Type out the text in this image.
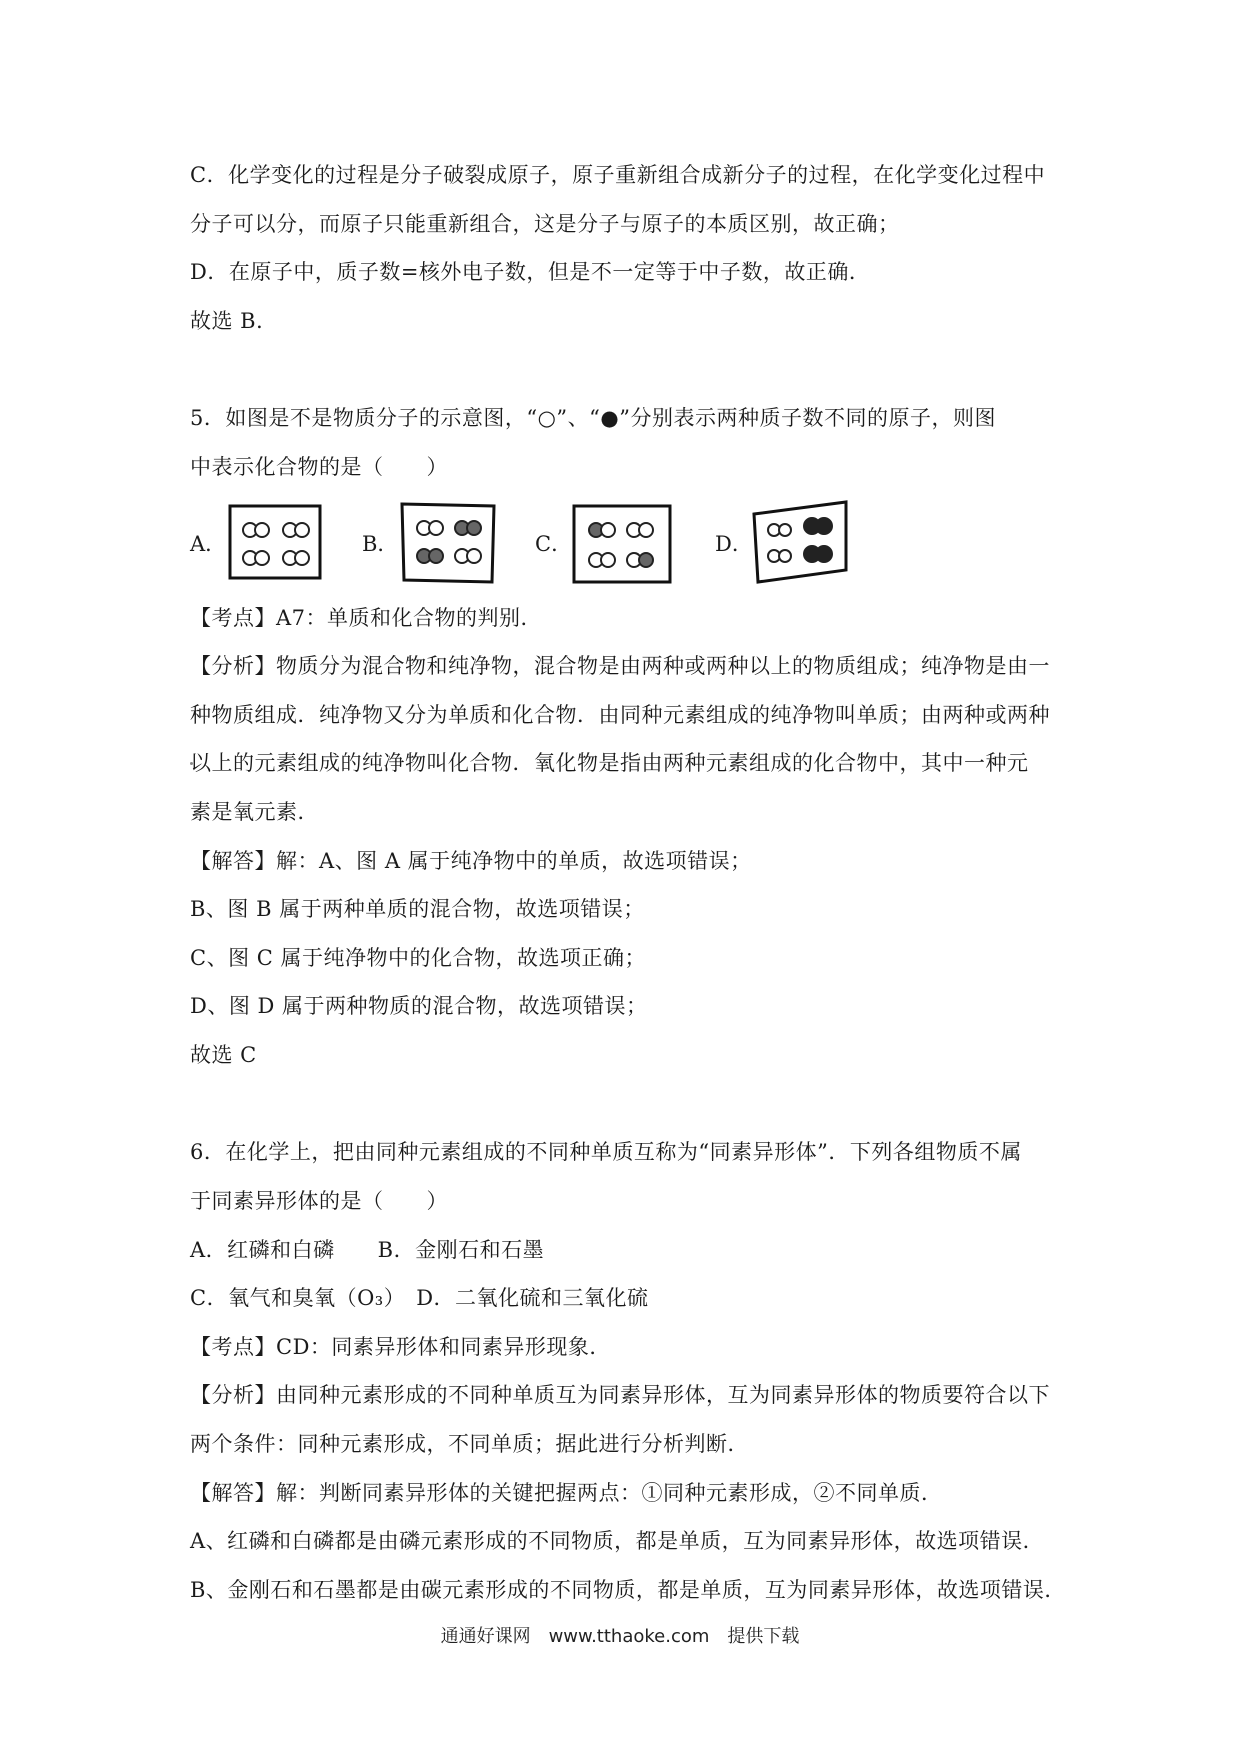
C．化学变化的过程是分子破裂成原子，原子重新组合成新分子的过程，在化学变化过程中
分子可以分，而原子只能重新组合，这是分子与原子的本质区别，故正确；
D．在原子中，质子数=核外电子数，但是不一定等于中子数，故正确．
故选 B．
5．如图是不是物质分子的示意图，“○”、“●”分别表示两种质子数不同的原子，则图
中表示化合物的是（　　）
A．	B．	C．	D．
【考点】A7：单质和化合物的判别．
【分析】物质分为混合物和纯净物，混合物是由两种或两种以上的物质组成；纯净物是由一
种物质组成．纯净物又分为单质和化合物．由同种元素组成的纯净物叫单质；由两种或两种
以上的元素组成的纯净物叫化合物．氧化物是指由两种元素组成的化合物中，其中一种元
素是氧元素．
【解答】解：A、图 A 属于纯净物中的单质，故选项错误；
B、图 B 属于两种单质的混合物，故选项错误；
C、图 C 属于纯净物中的化合物，故选项正确；
D、图 D 属于两种物质的混合物，故选项错误；
故选 C
6．在化学上，把由同种元素组成的不同种单质互称为“同素异形体”．下列各组物质不属
于同素异形体的是（　　）
A．红磷和白磷　　B．金刚石和石墨
C．氧气和臭氧（O₃）　D．二氧化硫和三氧化硫
【考点】CD：同素异形体和同素异形现象．
【分析】由同种元素形成的不同种单质互为同素异形体，互为同素异形体的物质要符合以下
两个条件：同种元素形成，不同单质；据此进行分析判断．
【解答】解：判断同素异形体的关键把握两点：①同种元素形成，②不同单质．
A、红磷和白磷都是由磷元素形成的不同物质，都是单质，互为同素异形体，故选项错误．
B、金刚石和石墨都是由碳元素形成的不同物质，都是单质，互为同素异形体，故选项错误．
通通好课网　www.tthaoke.com　提供下载
